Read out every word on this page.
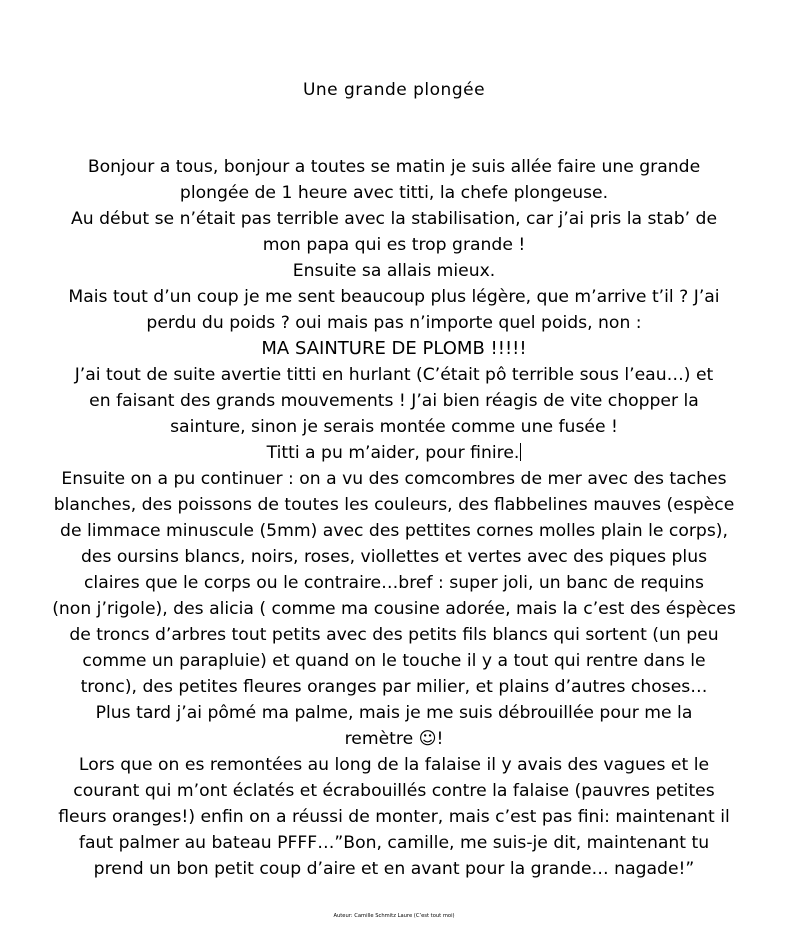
Une grande plongée
Bonjour a tous, bonjour a toutes se matin je suis allée faire une grande
plongée de 1 heure avec titti, la chefe plongeuse.
Au début se n’était pas terrible avec la stabilisation, car j’ai pris la stab’ de
mon papa qui es trop grande !
Ensuite sa allais mieux.
Mais tout d’un coup je me sent beaucoup plus légère, que m’arrive t’il ? J’ai
perdu du poids ? oui mais pas n’importe quel poids, non :
MA SAINTURE DE PLOMB !!!!!
J’ai tout de suite avertie titti en hurlant (C’était pô terrible sous l’eau…) et
en faisant des grands mouvements ! J’ai bien réagis de vite chopper la
sainture, sinon je serais montée comme une fusée !
Titti a pu m’aider, pour finire.
Ensuite on a pu continuer : on a vu des comcombres de mer avec des taches
blanches, des poissons de toutes les couleurs, des flabbelines mauves (espèce
de limmace minuscule (5mm) avec des pettites cornes molles plain le corps),
des oursins blancs, noirs, roses, viollettes et vertes avec des piques plus
claires que le corps ou le contraire…bref : super joli, un banc de requins
(non j’rigole), des alicia ( comme ma cousine adorée, mais la c’est des éspèces
de troncs d’arbres tout petits avec des petits fils blancs qui sortent (un peu
comme un parapluie) et quand on le touche il y a tout qui rentre dans le
tronc), des petites fleures oranges par milier, et plains d’autres choses…
Plus tard j’ai pômé ma palme, mais je me suis débrouillée pour me la
remètre ☺!
Lors que on es remontées au long de la falaise il y avais des vagues et le
courant qui m’ont éclatés et écrabouillés contre la falaise (pauvres petites
fleurs oranges!) enfin on a réussi de monter, mais c’est pas fini: maintenant il
faut palmer au bateau PFFF…”Bon, camille, me suis-je dit, maintenant tu
prend un bon petit coup d’aire et en avant pour la grande… nagade!”
Auteur: Camille Schmitz Laure (C’est tout moi)
